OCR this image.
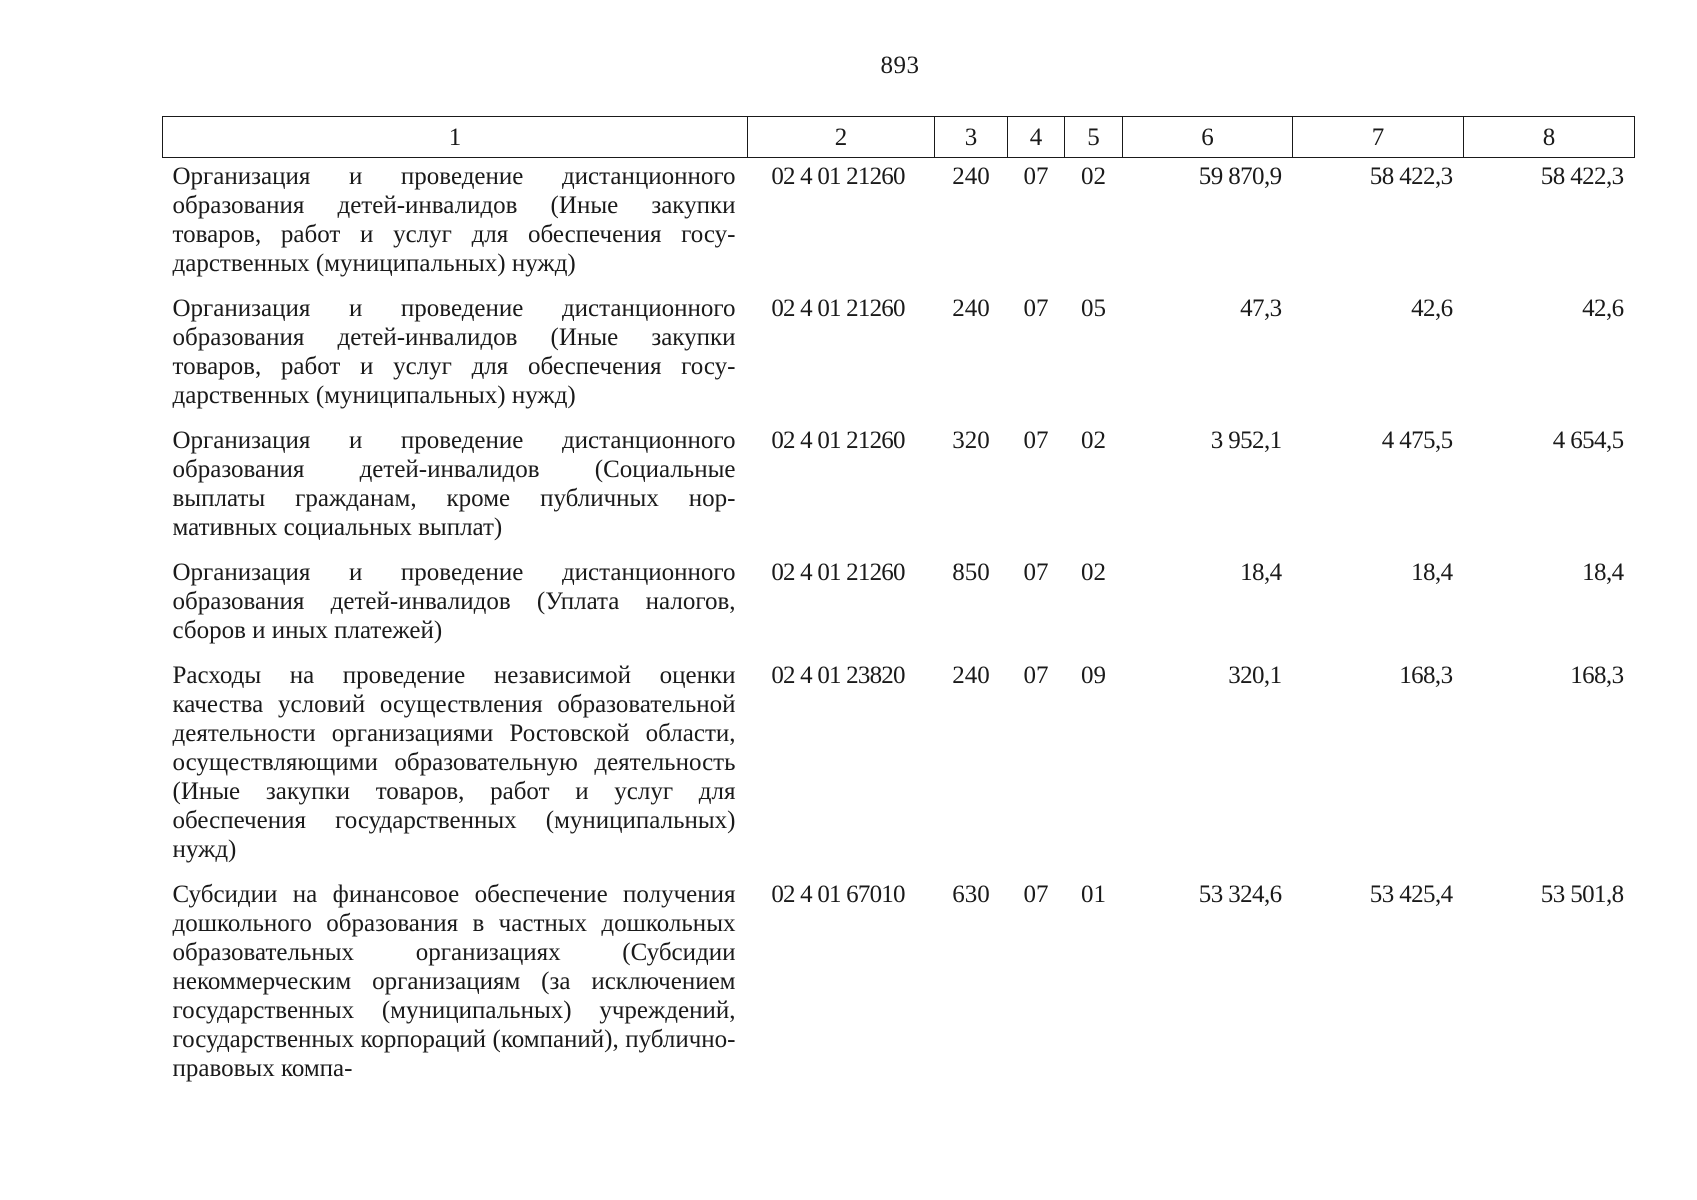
893
1	2	3	4	5	6	7	8
Организация и проведение дистанционного образования детей-инвалидов (Иные закупки товаров, работ и услуг для обеспечения государственных (муниципальных) нужд)	02 4 01 21260	240	07	02	59 870,9	58 422,3	58 422,3
Организация и проведение дистанционного образования детей-инвалидов (Иные закупки товаров, работ и услуг для обеспечения государственных (муниципальных) нужд)	02 4 01 21260	240	07	05	47,3	42,6	42,6
Организация и проведение дистанционного образования детей-инвалидов (Социальные выплаты гражданам, кроме публичных нормативных социальных выплат)	02 4 01 21260	320	07	02	3 952,1	4 475,5	4 654,5
Организация и проведение дистанционного образования детей-инвалидов (Уплата налогов, сборов и иных платежей)	02 4 01 21260	850	07	02	18,4	18,4	18,4
Расходы на проведение независимой оценки качества условий осуществления образовательной деятельности организациями Ростовской области, осуществляющими образовательную деятельность (Иные закупки товаров, работ и услуг для обеспечения государственных (муниципальных) нужд)	02 4 01 23820	240	07	09	320,1	168,3	168,3
Субсидии на финансовое обеспечение получения дошкольного образования в частных дошкольных образовательных организациях (Субсидии некоммерческим организациям (за исключением государственных (муниципальных) учреждений, государственных корпораций (компаний), публично-правовых компа-	02 4 01 67010	630	07	01	53 324,6	53 425,4	53 501,8
